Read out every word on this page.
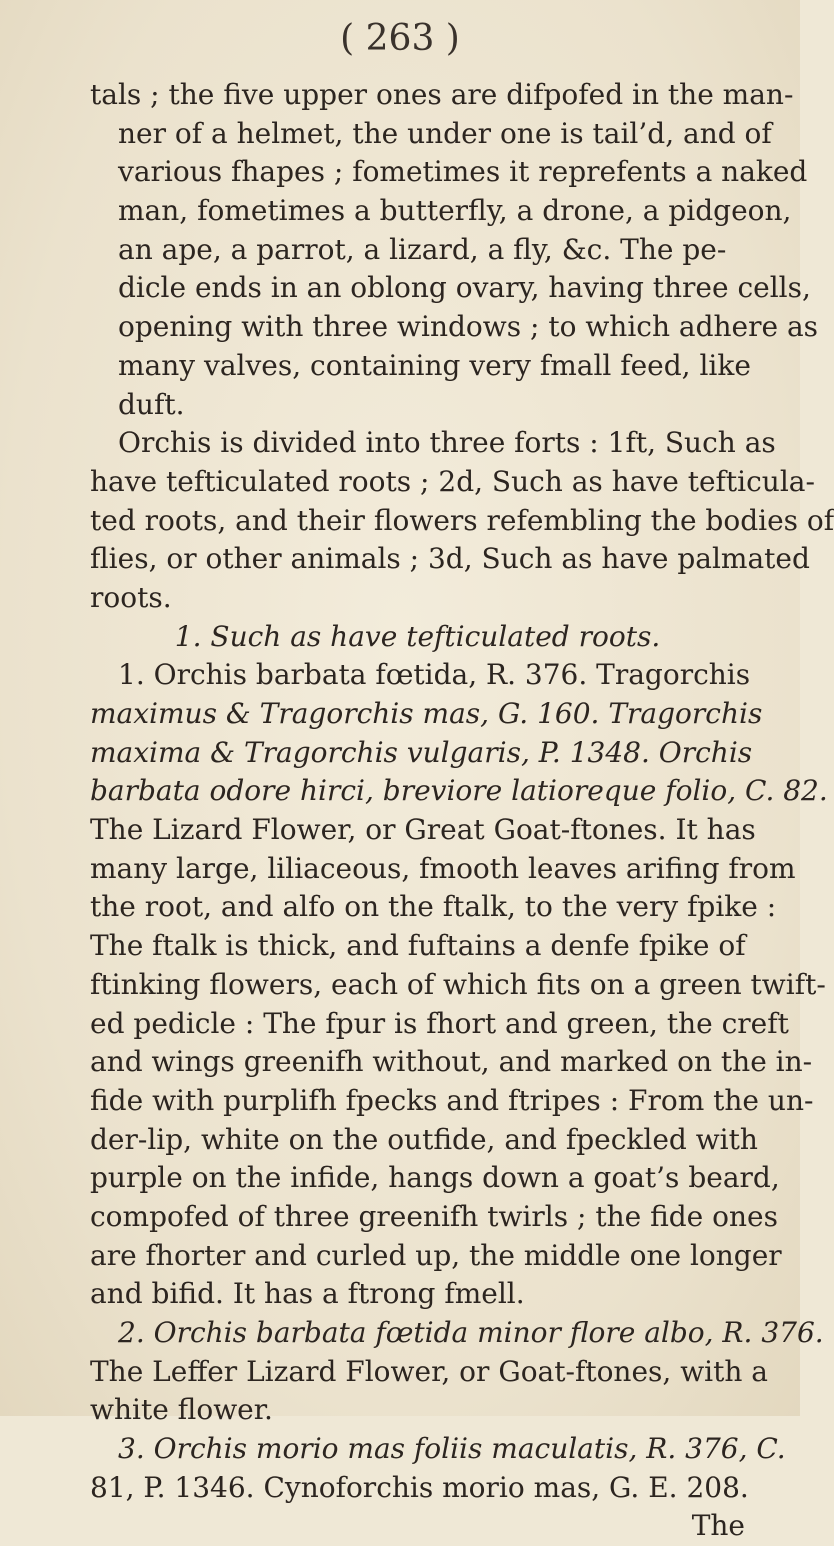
( 263 )
tals ; the five upper ones are difpofed in the man-
ner of a helmet, the under one is tail’d, and of
various fhapes ; fometimes it reprefents a naked
man, fometimes a butterfly, a drone, a pidgeon,
an ape, a parrot, a lizard, a fly, &c. The pe-
dicle ends in an oblong ovary, having three cells,
opening with three windows ; to which adhere as
many valves, containing very fmall feed, like
duft.
Orchis is divided into three forts : 1ft, Such as
have tefticulated roots ; 2d, Such as have tefticula-
ted roots, and their flowers refembling the bodies of
flies, or other animals ; 3d, Such as have palmated
roots.
1. Such as have tefticulated roots.
1. Orchis barbata fœtida, R. 376. Tragorchis
maximus & Tragorchis mas, G. 160. Tragorchis
maxima & Tragorchis vulgaris, P. 1348. Orchis
barbata odore hirci, breviore latioreque folio, C. 82.
The Lizard Flower, or Great Goat-ftones. It has
many large, liliaceous, fmooth leaves arifing from
the root, and alfo on the ftalk, to the very fpike :
The ftalk is thick, and fuftains a denfe fpike of
ftinking flowers, each of which fits on a green twift-
ed pedicle : The fpur is fhort and green, the creft
and wings greenifh without, and marked on the in-
fide with purplifh fpecks and ftripes : From the un-
der-lip, white on the outfide, and fpeckled with
purple on the infide, hangs down a goat’s beard,
compofed of three greenifh twirls ; the fide ones
are fhorter and curled up, the middle one longer
and bifid. It has a ftrong fmell.
2. Orchis barbata fœtida minor flore albo, R. 376.
The Leffer Lizard Flower, or Goat-ftones, with a
white flower.
3. Orchis morio mas foliis maculatis, R. 376, C.
81, P. 1346. Cynoforchis morio mas, G. E. 208.
The
